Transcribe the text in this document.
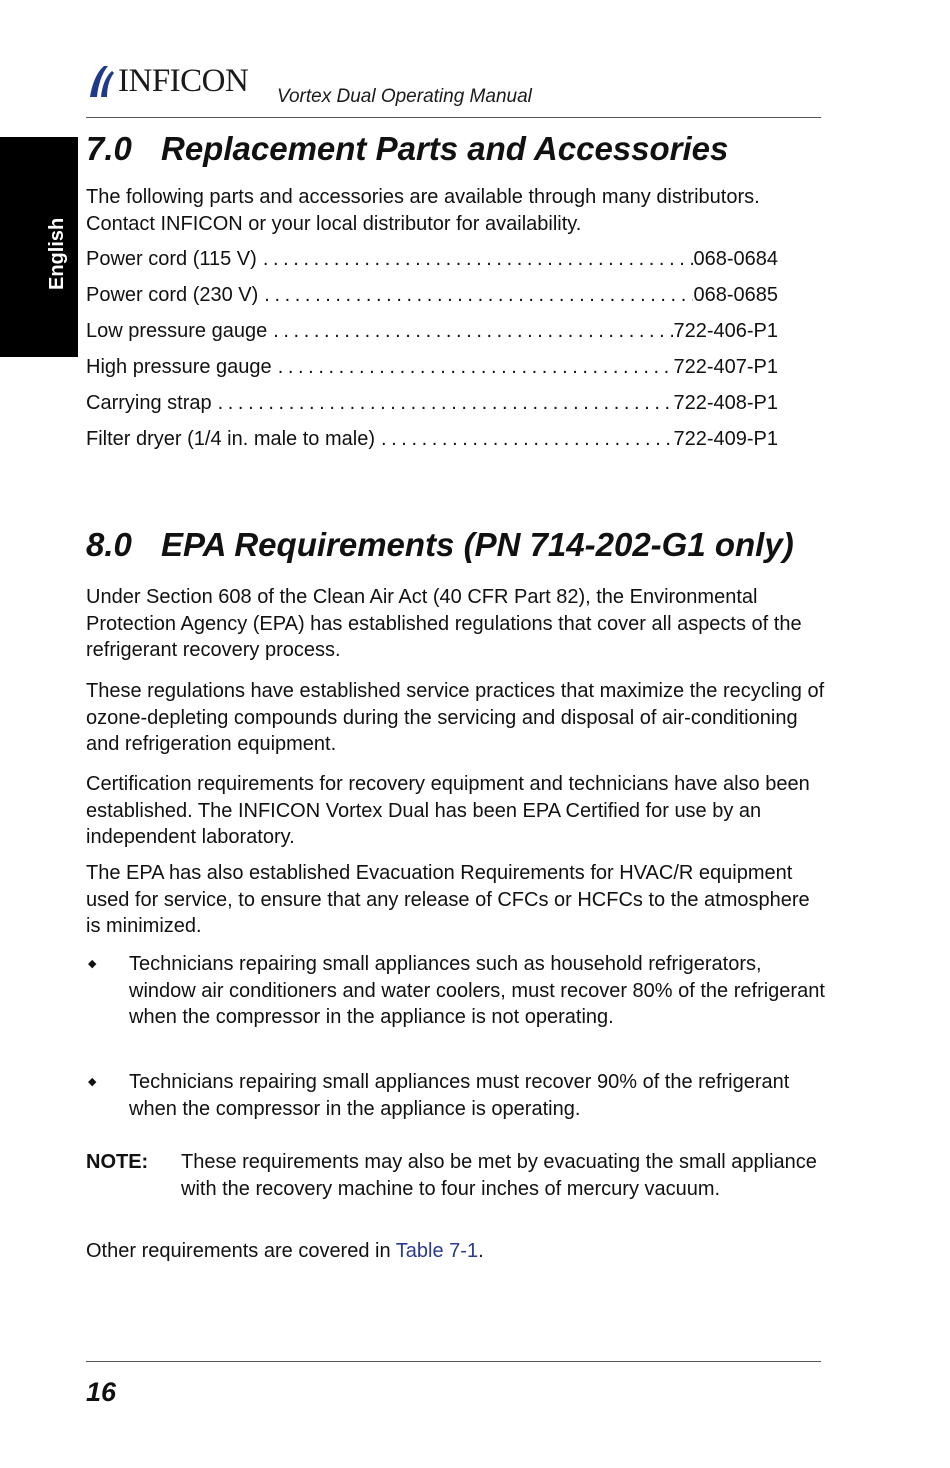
INFICON Vortex Dual Operating Manual
English
7.0 Replacement Parts and Accessories
The following parts and accessories are available through many distributors. Contact INFICON or your local distributor for availability.
Power cord (115 V) .....	068-0684
Power cord (230 V) .....	068-0685
Low pressure gauge .....	722-406-P1
High pressure gauge .....	722-407-P1
Carrying strap .....	722-408-P1
Filter dryer (1/4 in. male to male) .....	722-409-P1
8.0 EPA Requirements (PN 714-202-G1 only)
Under Section 608 of the Clean Air Act (40 CFR Part 82), the Environmental Protection Agency (EPA) has established regulations that cover all aspects of the refrigerant recovery process.
These regulations have established service practices that maximize the recycling of ozone-depleting compounds during the servicing and disposal of air-conditioning and refrigeration equipment.
Certification requirements for recovery equipment and technicians have also been established. The INFICON Vortex Dual has been EPA Certified for use by an independent laboratory.
The EPA has also established Evacuation Requirements for HVAC/R equipment used for service, to ensure that any release of CFCs or HCFCs to the atmosphere is minimized.
◆ Technicians repairing small appliances such as household refrigerators, window air conditioners and water coolers, must recover 80% of the refrigerant when the compressor in the appliance is not operating.
◆ Technicians repairing small appliances must recover 90% of the refrigerant when the compressor in the appliance is operating.
NOTE: These requirements may also be met by evacuating the small appliance with the recovery machine to four inches of mercury vacuum.
Other requirements are covered in Table 7-1.
16
